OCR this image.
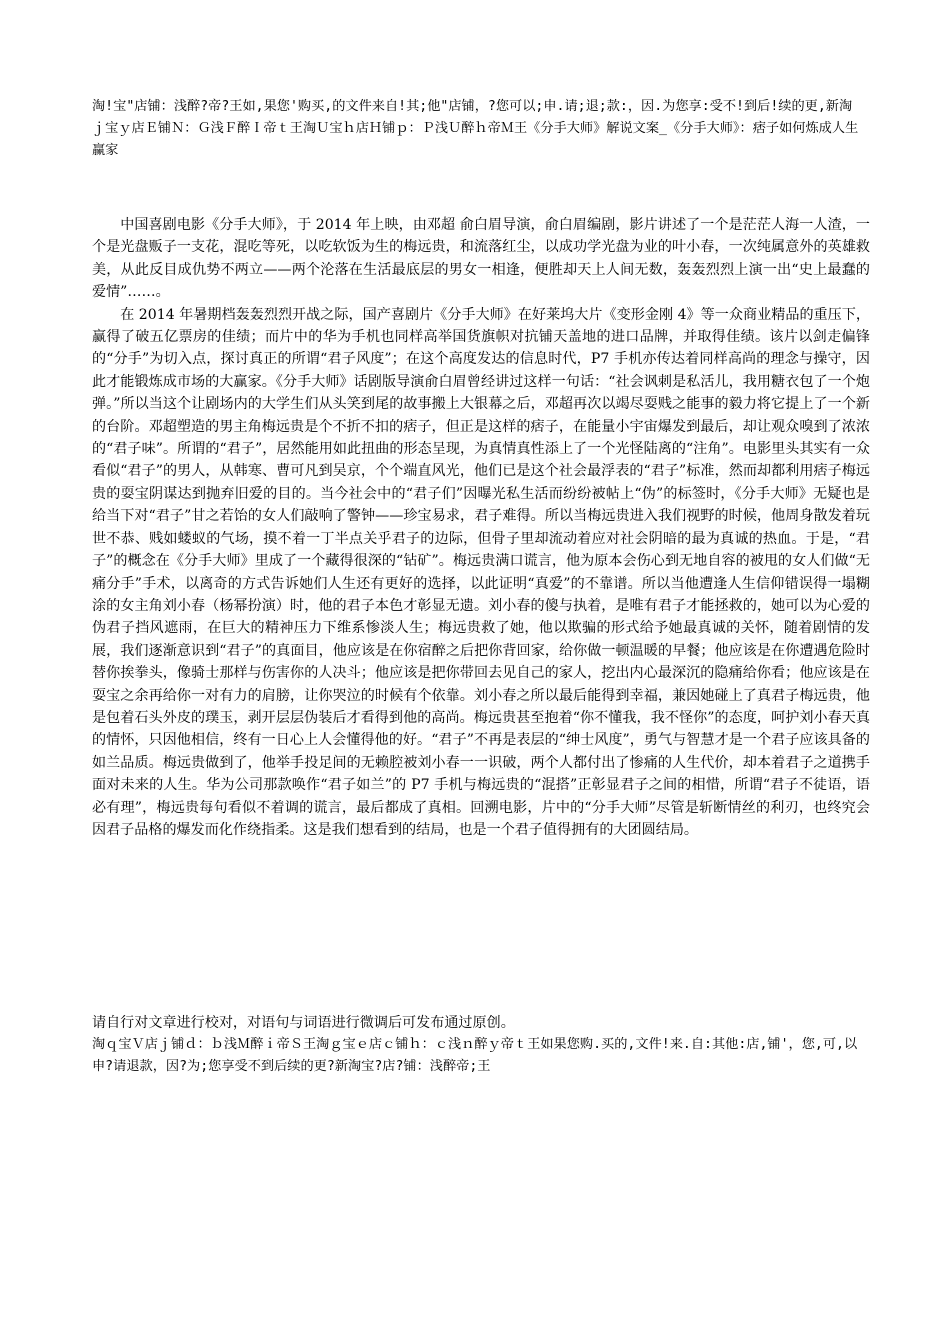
淘!宝"店铺：浅醉?帝?王如,果您'购买,的文件来自!其;他"店铺，?您可以;申.请;退;款:，因.为您享:受不!到后!续的更,新淘ｊ宝ｙ店Ｅ铺Ｎ：Ｇ浅Ｆ醉Ｉ帝ｔ王淘Ｕ宝ｈ店Ｈ铺ｐ：Ｐ浅Ｕ醉ｈ帝Ｍ王《分手大师》解说文案_《分手大师》：痞子如何炼成人生赢家

中国喜剧电影《分手大师》，于 2014 年上映，由邓超 俞白眉导演，俞白眉编剧，影片讲述了一个是茫茫人海一人渣，一个是光盘贩子一支花，混吃等死，以吃软饭为生的梅远贵，和流落红尘，以成功学光盘为业的叶小春，一次纯属意外的英雄救美，从此反目成仇势不两立——两个沦落在生活最底层的男女一相逢，便胜却天上人间无数，轰轰烈烈上演一出“史上最蠢的爱情”……。

在 2014 年暑期档轰轰烈烈开战之际，国产喜剧片《分手大师》在好莱坞大片《变形金刚 4》等一众商业精品的重压下，赢得了破五亿票房的佳绩；而片中的华为手机也同样高举国货旗帜对抗铺天盖地的进口品牌，并取得佳绩。该片以剑走偏锋的“分手”为切入点，探讨真正的所谓“君子风度”；在这个高度发达的信息时代，P7 手机亦传达着同样高尚的理念与操守，因此才能锻炼成市场的大赢家。《分手大师》话剧版导演俞白眉曾经讲过这样一句话：“社会讽刺是私活儿，我用糖衣包了一个炮弹。”所以当这个让剧场内的大学生们从头笑到尾的故事搬上大银幕之后，邓超再次以竭尽耍贱之能事的毅力将它提上了一个新的台阶。邓超塑造的男主角梅远贵是个不折不扣的痞子，但正是这样的痞子，在能量小宇宙爆发到最后，却让观众嗅到了浓浓的“君子味”。所谓的“君子”，居然能用如此扭曲的形态呈现，为真情真性添上了一个光怪陆离的“注角”。电影里头其实有一众看似“君子”的男人，从韩寒、曹可凡到吴京，个个端直风光，他们已是这个社会最浮表的“君子”标准，然而却都利用痞子梅远贵的耍宝阴谋达到抛弃旧爱的目的。当今社会中的“君子们”因曝光私生活而纷纷被帖上“伪”的标签时，《分手大师》无疑也是给当下对“君子”甘之若饴的女人们敲响了警钟——珍宝易求，君子难得。所以当梅远贵进入我们视野的时候，他周身散发着玩世不恭、贱如蝼蚁的气场，摸不着一丁半点关乎君子的边际，但骨子里却流动着应对社会阴暗的最为真诚的热血。于是，“君子”的概念在《分手大师》里成了一个藏得很深的“钻矿”。梅远贵满口谎言，他为原本会伤心到无地自容的被甩的女人们做“无痛分手”手术，以离奇的方式告诉她们人生还有更好的选择，以此证明“真爱”的不靠谱。所以当他遭逢人生信仰错误得一塌糊涂的女主角刘小春（杨幂扮演）时，他的君子本色才彰显无遗。刘小春的傻与执着，是唯有君子才能拯救的，她可以为心爱的伪君子挡风遮雨，在巨大的精神压力下维系惨淡人生；梅远贵救了她，他以欺骗的形式给予她最真诚的关怀，随着剧情的发展，我们逐渐意识到“君子”的真面目，他应该是在你宿醉之后把你背回家，给你做一顿温暖的早餐；他应该是在你遭遇危险时替你挨拳头，像骑士那样与伤害你的人决斗；他应该是把你带回去见自己的家人，挖出内心最深沉的隐痛给你看；他应该是在耍宝之余再给你一对有力的肩膀，让你哭泣的时候有个依靠。刘小春之所以最后能得到幸福，兼因她碰上了真君子梅远贵，他是包着石头外皮的璞玉，剥开层层伪装后才看得到他的高尚。梅远贵甚至抱着“你不懂我，我不怪你”的态度，呵护刘小春天真的情怀，只因他相信，终有一日心上人会懂得他的好。“君子”不再是表层的“绅士风度”，勇气与智慧才是一个君子应该具备的如兰品质。梅远贵做到了，他举手投足间的无赖腔被刘小春一一识破，两个人都付出了惨痛的人生代价，却本着君子之道携手面对未来的人生。华为公司那款唤作“君子如兰”的 P7 手机与梅远贵的“混搭”正彰显君子之间的相惜，所谓“君子不徒语，语必有理”，梅远贵每句看似不着调的谎言，最后都成了真相。回溯电影，片中的“分手大师”尽管是斩断情丝的利刃，也终究会因君子品格的爆发而化作绕指柔。这是我们想看到的结局，也是一个君子值得拥有的大团圆结局。

请自行对文章进行校对，对语句与词语进行微调后可发布通过原创。

淘ｑ宝Ｖ店ｊ铺ｄ：ｂ浅Ｍ醉ｉ帝Ｓ王淘ｇ宝ｅ店ｃ铺ｈ：ｃ浅ｎ醉ｙ帝ｔ王如果您购.买的,文件!来.自:其他:店,铺'，您,可,以申?请退款，因?为;您享受不到后续的更?新淘宝?店?铺：浅醉帝;王
